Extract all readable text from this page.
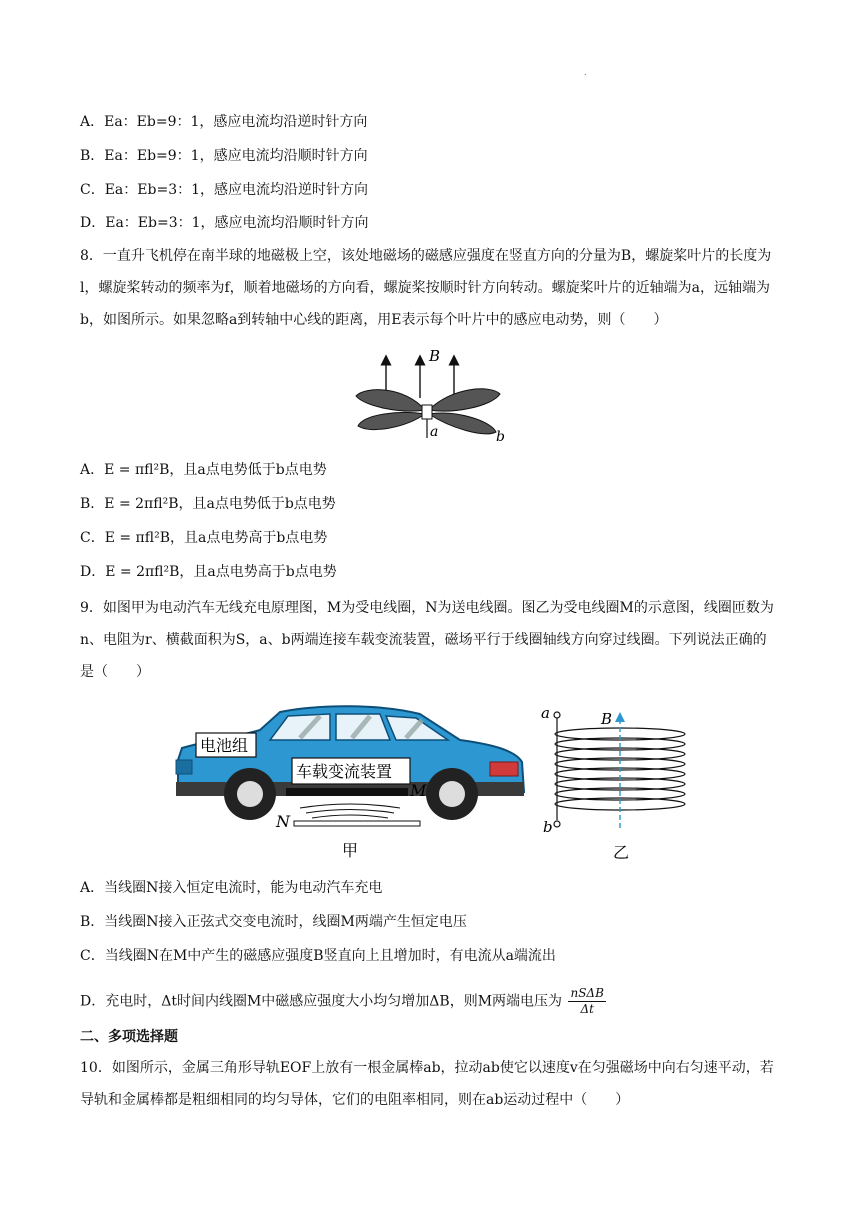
.
A．Ea：Eb=9：1，感应电流均沿逆时针方向
B．Ea：Eb=9：1，感应电流均沿顺时针方向
C．Ea：Eb=3：1，感应电流均沿逆时针方向
D．Ea：Eb=3：1，感应电流均沿顺时针方向
8．一直升飞机停在南半球的地磁极上空，该处地磁场的磁感应强度在竖直方向的分量为B，螺旋桨叶片的长度为l，螺旋桨转动的频率为f，顺着地磁场的方向看，螺旋桨按顺时针方向转动。螺旋桨叶片的近轴端为a，远轴端为b，如图所示。如果忽略a到转轴中心线的距离，用E表示每个叶片中的感应电动势，则（　　）
B
a	b
A．E = πfl²B，且a点电势低于b点电势
B．E = 2πfl²B，且a点电势低于b点电势
C．E = πfl²B，且a点电势高于b点电势
D．E = 2πfl²B，且a点电势高于b点电势
9．如图甲为电动汽车无线充电原理图，M为受电线圈，N为送电线圈。图乙为受电线圈M的示意图，线圈匝数为n、电阻为r、横截面积为S，a、b两端连接车载变流装置，磁场平行于线圈轴线方向穿过线圈。下列说法正确的是（　　）
电池组
车载变流装置
M
N
甲
a
b
B
乙
A．当线圈N接入恒定电流时，能为电动汽车充电
B．当线圈N接入正弦式交变电流时，线圈M两端产生恒定电压
C．当线圈N在M中产生的磁感应强度B竖直向上且增加时，有电流从a端流出
D．充电时，Δt时间内线圈M中磁感应强度大小均匀增加ΔB，则M两端电压为
nSΔB
Δt
二、多项选择题
10．如图所示，金属三角形导轨EOF上放有一根金属棒ab，拉动ab使它以速度v在匀强磁场中向右匀速平动，若导轨和金属棒都是粗细相同的均匀导体，它们的电阻率相同，则在ab运动过程中（　　）
